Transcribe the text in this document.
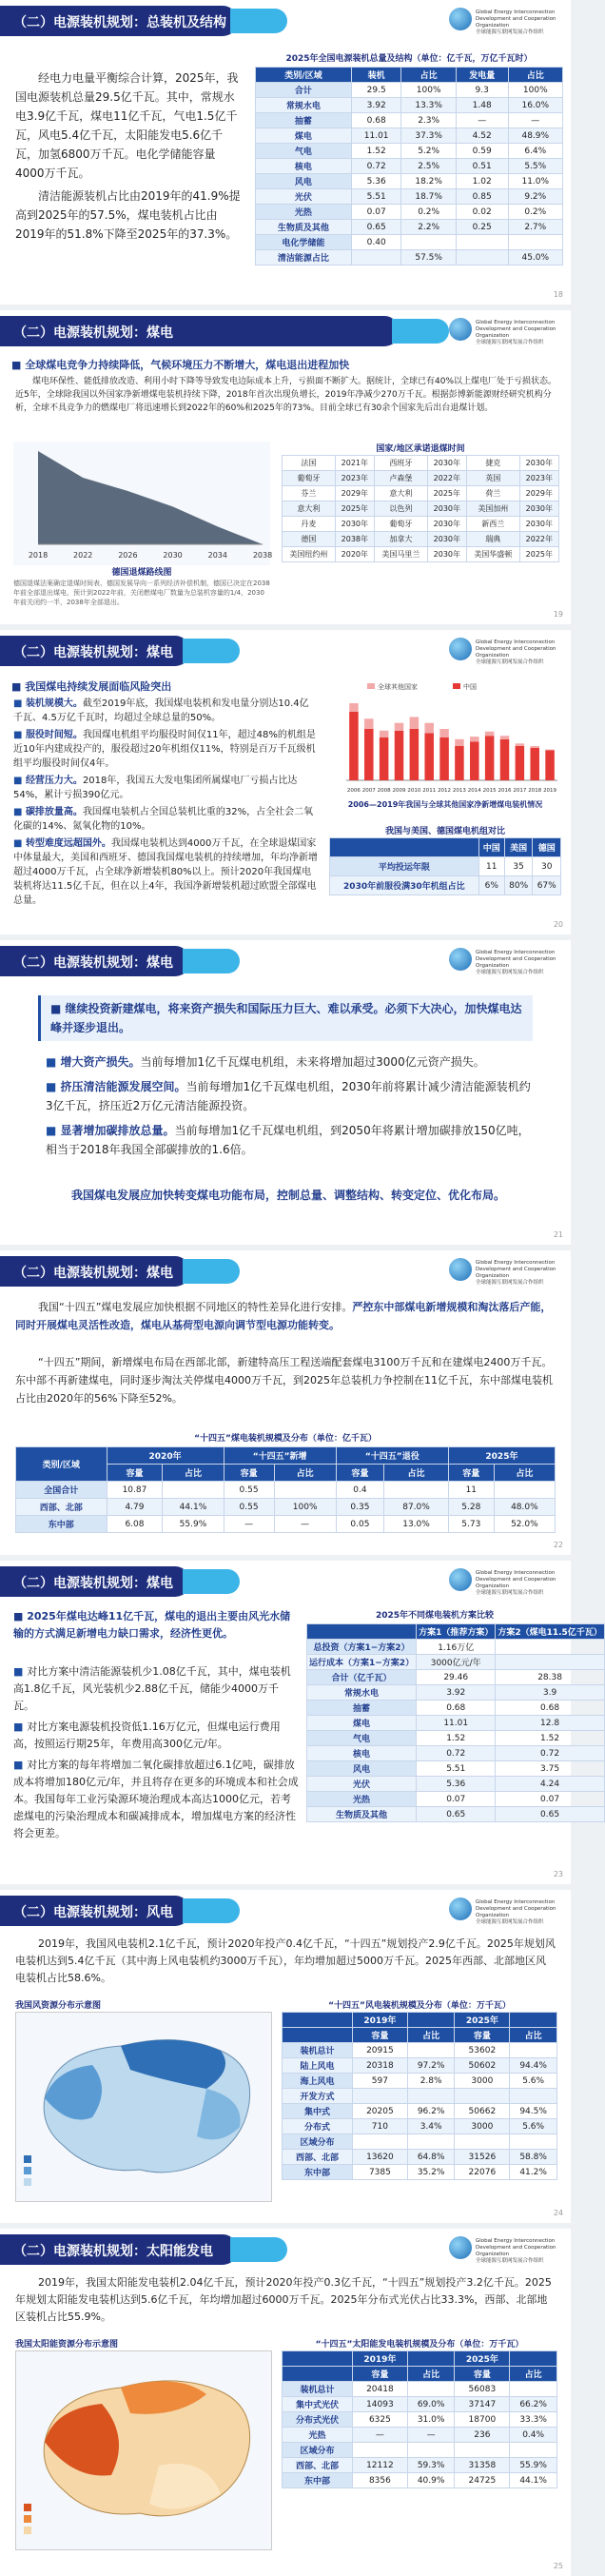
（二）电源装机规划：总装机及结构
Global Energy Interconnection
Development and Cooperation Organization
全球能源互联网发展合作组织
经电力电量平衡综合计算，2025年，我国电源装机总量29.5亿千瓦。其中，常规水电3.9亿千瓦，煤电11亿千瓦，气电1.5亿千瓦，风电5.4亿千瓦，太阳能发电5.6亿千瓦，加氢6800万千瓦。电化学储能容量4000万千瓦。
清洁能源装机占比由2019年的41.9%提高到2025年的57.5%，煤电装机占比由2019年的51.8%下降至2025年的37.3%。
2025年全国电源装机总量及结构（单位：亿千瓦，万亿千瓦时）
类别/区域	装机	占比	发电量	占比
合计	29.5	100%	9.3	100%
常规水电	3.92	13.3%	1.48	16.0%
抽蓄	0.68	2.3%	—	—
煤电	11.01	37.3%	4.52	48.9%
气电	1.52	5.2%	0.59	6.4%
核电	0.72	2.5%	0.51	5.5%
风电	5.36	18.2%	1.02	11.0%
光伏	5.51	18.7%	0.85	9.2%
光热	0.07	0.2%	0.02	0.2%
生物质及其他	0.65	2.2%	0.25	2.7%
电化学储能	0.40			
清洁能源占比		57.5%		45.0%
18
（二）电源装机规划：煤电
Global Energy Interconnection
Development and Cooperation Organization
全球能源互联网发展合作组织
■ 全球煤电竞争力持续降低，气候环境压力不断增大，煤电退出进程加快
煤电环保性、能低排放改造、利用小时下降等导致发电边际成本上升，亏损面不断扩大。据统计，全球已有40%以上煤电厂处于亏损状态。近5年，全球除我国以外国家净新增煤电装机持续下降，2018年首次出现负增长，2019年净减少270万千瓦。根据彭博新能源财经研究机构分析，全球不具竞争力的燃煤电厂将迅速增长到2022年的60%和2025年的73%。目前全球已有30余个国家先后出台退煤计划。
2018	2022	2026	2030	2034	2038
德国退煤路线图
德国退煤法案确定退煤时间表、德国发展导向一系列经济补偿机制，德国已决定在2038年前全部退出煤电，预计到2022年前，关闭燃煤电厂数量为总装机容量的1/4，2030年前关闭约一半，2038年全部退出。
国家/地区承诺退煤时间
法国	2021年	西班牙	2030年	捷克	2030年
葡萄牙	2023年	卢森堡	2022年	英国	2023年
芬兰	2029年	意大利	2025年	荷兰	2029年
意大利	2025年	以色列	2030年	美国加州	2030年
丹麦	2030年	葡萄牙	2030年	新西兰	2030年
德国	2038年	加拿大	2030年	瑞典	2022年
美国纽约州	2020年	美国马里兰	2030年	美国华盛顿	2025年
19
（二）电源装机规划：煤电
Global Energy Interconnection
Development and Cooperation Organization
全球能源互联网发展合作组织
■ 我国煤电持续发展面临风险突出
■ 装机规模大。截至2019年底，我国煤电装机和发电量分别达10.4亿千瓦、4.5万亿千瓦时，均超过全球总量的50%。
■ 服役时间短。我国煤电机组平均服役时间仅11年，超过48%的机组是近10年内建成投产的，服役超过20年机组仅11%，特别是百万千瓦级机组平均服役时间仅4年。
■ 经营压力大。2018年，我国五大发电集团所属煤电厂亏损占比达54%，累计亏损390亿元。
■ 碳排放量高。我国煤电装机占全国总装机比重的32%，占全社会二氧化碳的14%、氮氧化物的10%。
■ 转型难度远超国外。我国煤电装机达到4000万千瓦，在全球退煤国家中体量最大，美国和西班牙、德国我国煤电装机的持续增加，年均净新增超过4000万千瓦，占全球净新增装机80%以上。预计2020年我国煤电装机将达11.5亿千瓦，但在以上4年，我国净新增装机超过欧盟全部煤电总量。
全球其他国家	中国
2006 2007 2008 2009 2010 2011 2012 2013 2014 2015 2016 2017 2018 2019
2006—2019年我国与全球其他国家净新增煤电装机情况
我国与美国、德国煤电机组对比
	中国	美国	德国
平均投运年限	11	35	30
2030年前服役满30年机组占比	6%	80%	67%
20
（二）电源装机规划：煤电
Global Energy Interconnection
Development and Cooperation Organization
全球能源互联网发展合作组织
■ 继续投资新建煤电，将来资产损失和国际压力巨大、难以承受。必须下大决心，加快煤电达峰并逐步退出。
■ 增大资产损失。当前每增加1亿千瓦煤电机组，未来将增加超过3000亿元资产损失。
■ 挤压清洁能源发展空间。当前每增加1亿千瓦煤电机组，2030年前将累计减少清洁能源装机约3亿千瓦，挤压近2万亿元清洁能源投资。
■ 显著增加碳排放总量。当前每增加1亿千瓦煤电机组，到2050年将累计增加碳排放150亿吨，相当于2018年我国全部碳排放的1.6倍。
我国煤电发展应加快转变煤电功能布局，控制总量、调整结构、转变定位、优化布局。
21
（二）电源装机规划：煤电
Global Energy Interconnection
Development and Cooperation Organization
全球能源互联网发展合作组织
我国“十四五”煤电发展应加快根据不同地区的特性差异化进行安排。严控东中部煤电新增规模和淘汰落后产能，同时开展煤电灵活性改造，煤电从基荷型电源向调节型电源功能转变。
“十四五”期间，新增煤电布局在西部北部，新建特高压工程送端配套煤电3100万千瓦和在建煤电2400万千瓦。东中部不再新建煤电，同时逐步淘汰关停煤电4000万千瓦，到2025年总装机力争控制在11亿千瓦，东中部煤电装机占比由2020年的56%下降至52%。
“十四五”煤电装机规模及分布（单位：亿千瓦）
类别/区域	2020年		“十四五”新增		“十四五”退役		2025年	
	容量	占比	容量	占比	容量	占比	容量	占比
全国合计	10.87		0.55		0.4		11	
西部、北部	4.79	44.1%	0.55	100%	0.35	87.0%	5.28	48.0%
东中部	6.08	55.9%	—	—	0.05	13.0%	5.73	52.0%
22
（二）电源装机规划：煤电
Global Energy Interconnection
Development and Cooperation Organization
全球能源互联网发展合作组织
■ 2025年煤电达峰11亿千瓦，煤电的退出主要由风光水储输的方式满足新增电力缺口需求，经济性更优。
■ 对比方案中清洁能源装机少1.08亿千瓦，其中，煤电装机高1.8亿千瓦，风光装机少2.88亿千瓦，储能少4000万千瓦。
■ 对比方案电源装机投资低1.16万亿元，但煤电运行费用高，按照运行期25年，年费用高300亿元/年。
■ 对比方案的每年将增加二氧化碳排放超过6.1亿吨，碳排放成本将增加180亿元/年，并且将存在更多的环境成本和社会成本。我国每年工业污染源环境治理成本高达1000亿元，若考虑煤电的污染治理成本和碳减排成本，增加煤电方案的经济性将会更差。
2025年不同煤电装机方案比较
	方案1（推荐方案）	方案2（煤电11.5亿千瓦）
总投资（方案1−方案2）	1.16万亿	
运行成本（方案1−方案2）	3000亿元/年	
合计（亿千瓦）	29.46	28.38
常规水电	3.92	3.9
抽蓄	0.68	0.68
煤电	11.01	12.8
气电	1.52	1.52
核电	0.72	0.72
风电	5.51	3.75
光伏	5.36	4.24
光热	0.07	0.07
生物质及其他	0.65	0.65
23
（二）电源装机规划：风电
Global Energy Interconnection
Development and Cooperation Organization
全球能源互联网发展合作组织
2019年，我国风电装机2.1亿千瓦，预计2020年投产0.4亿千瓦，“十四五”规划投产2.9亿千瓦。2025年规划风电装机达到5.4亿千瓦（其中海上风电装机约3000万千瓦），年均增加超过5000万千瓦。2025年西部、北部地区风电装机占比58.6%。
我国风资源分布示意图	“十四五”风电装机规模及分布（单位：万千瓦）
	2019年		2025年	
	容量	占比	容量	占比
装机总计	20915		53602	
陆上风电	20318	97.2%	50602	94.4%
海上风电	597	2.8%	3000	5.6%
开发方式				
集中式	20205	96.2%	50662	94.5%
分布式	710	3.4%	3000	5.6%
区域分布				
西部、北部	13620	64.8%	31526	58.8%
东中部	7385	35.2%	22076	41.2%
24
（二）电源装机规划：太阳能发电
Global Energy Interconnection
Development and Cooperation Organization
全球能源互联网发展合作组织
2019年，我国太阳能发电装机2.04亿千瓦，预计2020年投产0.3亿千瓦，“十四五”规划投产3.2亿千瓦。2025年规划太阳能发电装机达到5.6亿千瓦，年均增加超过6000万千瓦。2025年分布式光伏占比33.3%，西部、北部地区装机占比55.9%。
我国太阳能资源分布示意图	“十四五”太阳能发电装机规模及分布（单位：万千瓦）
	2019年		2025年	
	容量	占比	容量	占比
装机总计	20418		56083	
集中式光伏	14093	69.0%	37147	66.2%
分布式光伏	6325	31.0%	18700	33.3%
光热	—	—	236	0.4%
区域分布				
西部、北部	12112	59.3%	31358	55.9%
东中部	8356	40.9%	24725	44.1%
25
